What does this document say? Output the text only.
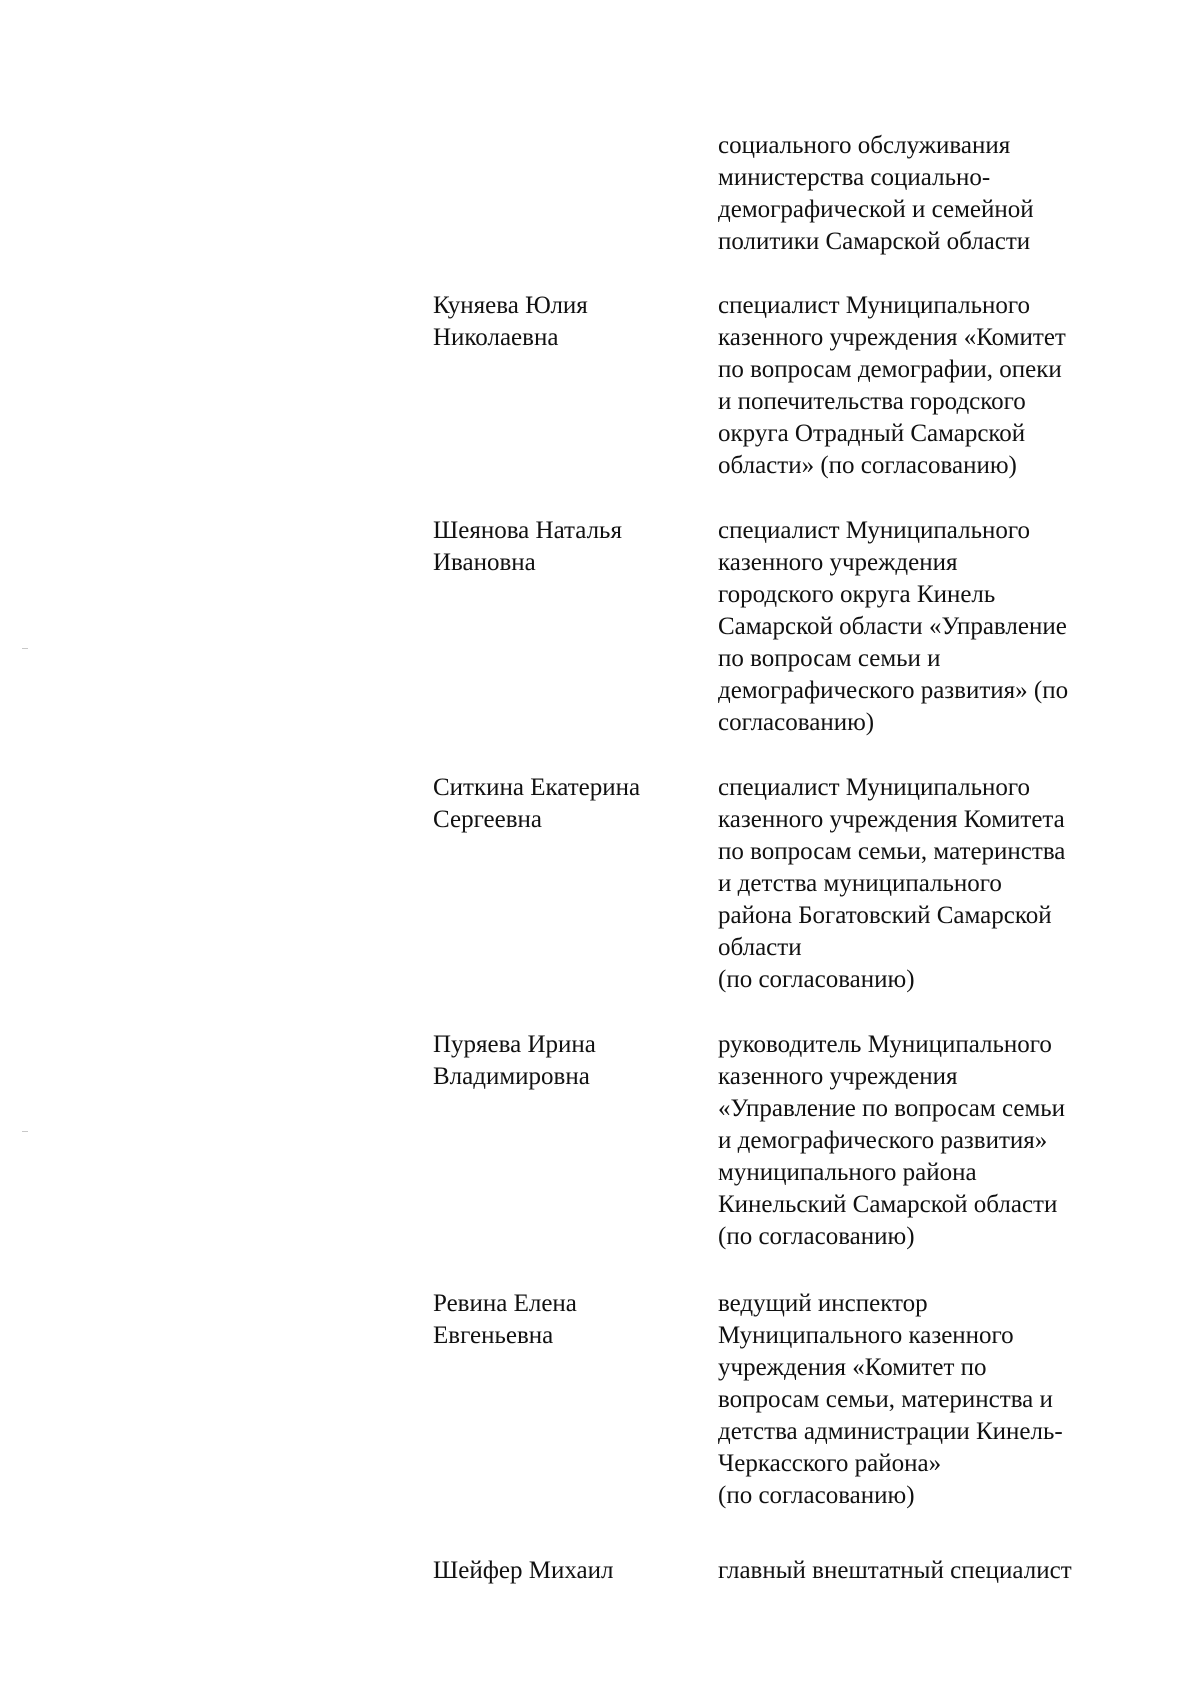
социального обслуживания
министерства социально-
демографической и семейной
политики Самарской области

Куняева Юлия
Николаевна

специалист Муниципального
казенного учреждения «Комитет
по вопросам демографии, опеки
и попечительства городского
округа Отрадный Самарской
области» (по согласованию)

Шеянова Наталья
Ивановна

специалист Муниципального
казенного учреждения
городского округа Кинель
Самарской области «Управление
по вопросам семьи и
демографического развития» (по
согласованию)

Ситкина Екатерина
Сергеевна

специалист Муниципального
казенного учреждения Комитета
по вопросам семьи, материнства
и детства муниципального
района Богатовский Самарской
области
(по согласованию)

Пуряева Ирина
Владимировна

руководитель Муниципального
казенного учреждения
«Управление по вопросам семьи
и демографического развития»
муниципального района
Кинельский Самарской области
(по согласованию)

Ревина Елена
Евгеньевна

ведущий инспектор
Муниципального казенного
учреждения «Комитет по
вопросам семьи, материнства и
детства администрации Кинель-
Черкасского района»
(по согласованию)

Шейфер Михаил	главный внештатный специалист
